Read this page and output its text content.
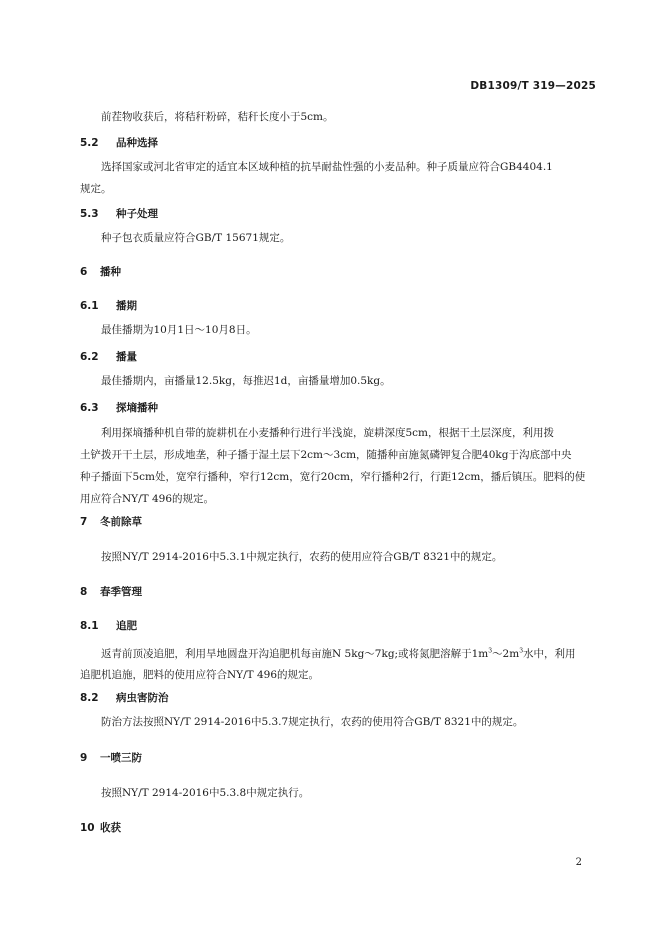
DB1309/T 319—2025

前茬物收获后，将秸秆粉碎，秸秆长度小于5cm。

5.2 品种选择

选择国家或河北省审定的适宜本区域种植的抗旱耐盐性强的小麦品种。种子质量应符合GB4404.1

规定。

5.3 种子处理

种子包衣质量应符合GB/T 15671规定。

6 播种
6.1 播期

最佳播期为10月1日～10月8日。

6.2 播量

最佳播期内，亩播量12.5kg，每推迟1d，亩播量增加0.5kg。

6.3 探墒播种

利用探墒播种机自带的旋耕机在小麦播种行进行半浅旋，旋耕深度5cm，根据干土层深度，利用拨

土铲拨开干土层，形成地垄，种子播于湿土层下2cm～3cm，随播种亩施氮磷钾复合肥40kg于沟底部中央

种子播面下5cm处，宽窄行播种，窄行12cm，宽行20cm，窄行播种2行，行距12cm，播后镇压。肥料的使

用应符合NY/T 496的规定。

7 冬前除草

按照NY/T 2914-2016中5.3.1中规定执行，农药的使用应符合GB/T 8321中的规定。

8 春季管理
8.1 追肥

返青前顶凌追肥，利用旱地圆盘开沟追肥机每亩施N 5kg～7kg;或将氮肥溶解于$1m^3\sim 2m^3$水中，利用

追肥机追施，肥料的使用应符合NY/T 496的规定。

8.2 病虫害防治

防治方法按照NY/T 2914-2016中5.3.7规定执行，农药的使用符合GB/T 8321中的规定。

9 一喷三防

按照NY/T 2914-2016中5.3.8中规定执行。

10 收获
2
